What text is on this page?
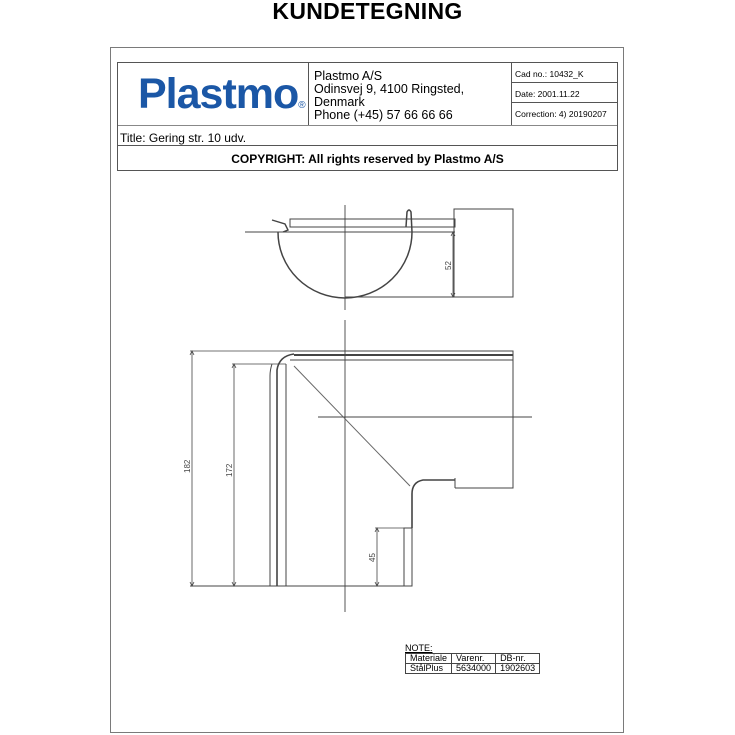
KUNDETEGNING
Plastmo®
Plastmo A/S
Odinsvej 9, 4100 Ringsted, Denmark
Phone (+45) 57 66 66 66
Cad no.: 10432_K
Date: 2001.11.22
Correction: 4) 20190207
Title: Gering str. 10 udv.
COPYRIGHT: All rights reserved by Plastmo A/S
52
182	172
45
NOTE:
Materiale	Varenr.	DB-nr.
StålPlus	5634000	1902603
